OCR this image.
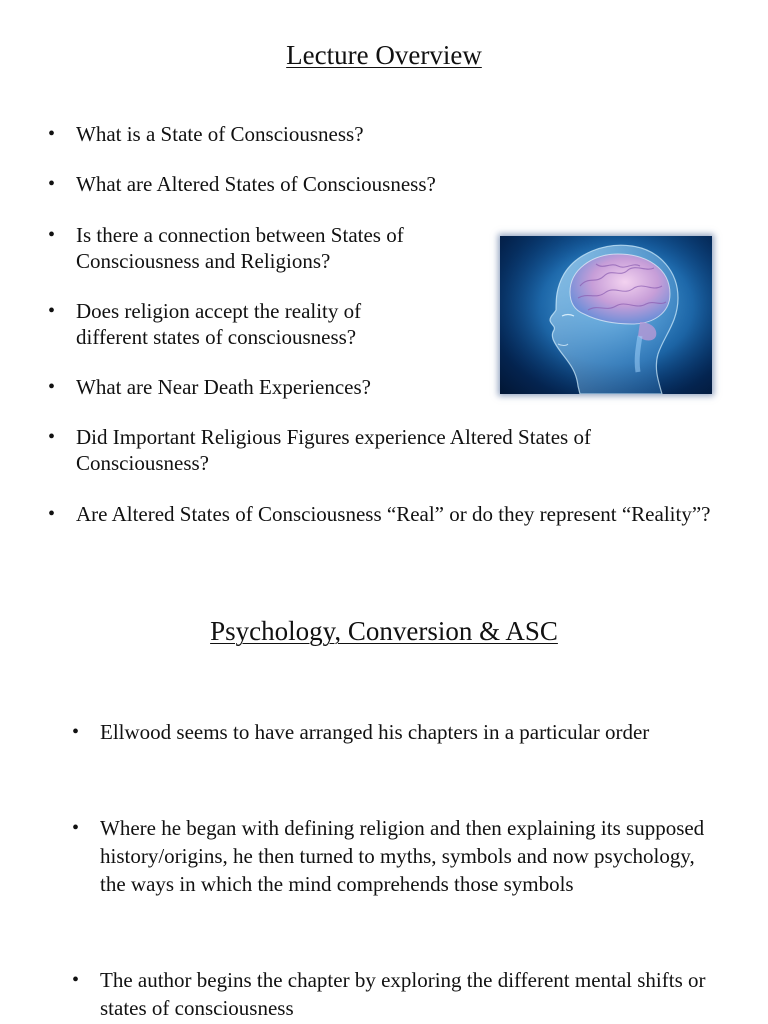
Lecture Overview
• What is a State of Consciousness?
• What are Altered States of Consciousness?
• Is there a connection between States of Consciousness and Religions?
• Does religion accept the reality of different states of consciousness?
• What are Near Death Experiences?
• Did Important Religious Figures experience Altered States of Consciousness?
• Are Altered States of Consciousness “Real” or do they represent “Reality”?
Psychology, Conversion & ASC
• Ellwood seems to have arranged his chapters in a particular order
• Where he began with defining religion and then explaining its supposed history/origins, he then turned to myths, symbols and now psychology, the ways in which the mind comprehends those symbols
• The author begins the chapter by exploring the different mental shifts or states of consciousness
